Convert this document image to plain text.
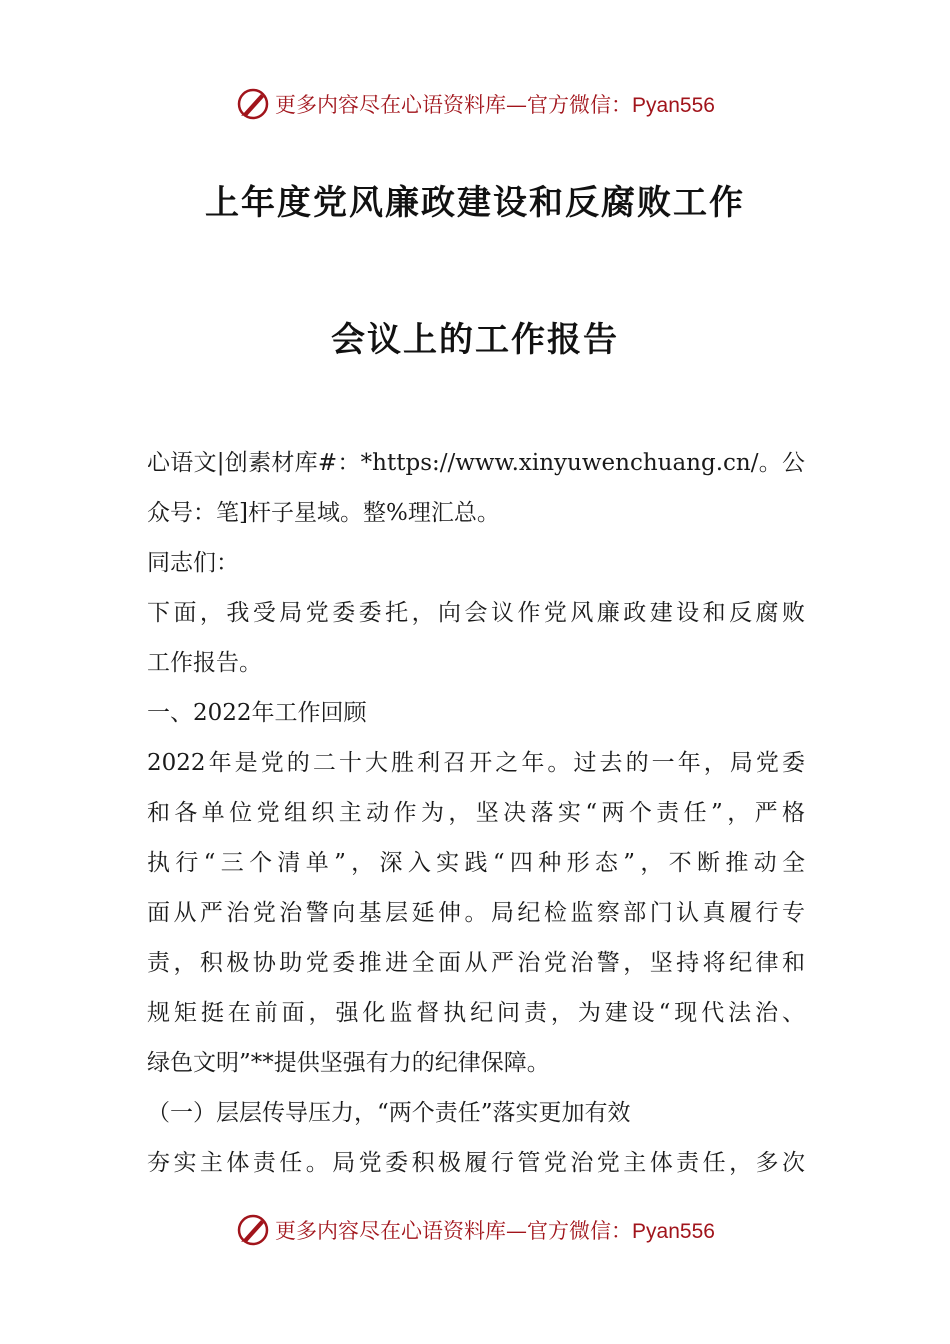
更多内容尽在心语资料库—官方微信：Pyan556
上年度党风廉政建设和反腐败工作
会议上的工作报告
心语文|创素材库#：*https://www.xinyuwenchuang.cn/。公
众号：笔]杆子星域。整%理汇总。
同志们：
下面，我受局党委委托，向会议作党风廉政建设和反腐败
工作报告。
一、2022年工作回顾
2022年是党的二十大胜利召开之年。过去的一年，局党委
和各单位党组织主动作为，坚决落实“两个责任”，严格
执行“三个清单”，深入实践“四种形态”，不断推动全
面从严治党治警向基层延伸。局纪检监察部门认真履行专
责，积极协助党委推进全面从严治党治警，坚持将纪律和
规矩挺在前面，强化监督执纪问责，为建设“现代法治、
绿色文明”**提供坚强有力的纪律保障。
（一）层层传导压力，“两个责任”落实更加有效
夯实主体责任。局党委积极履行管党治党主体责任，多次
更多内容尽在心语资料库—官方微信：Pyan556
